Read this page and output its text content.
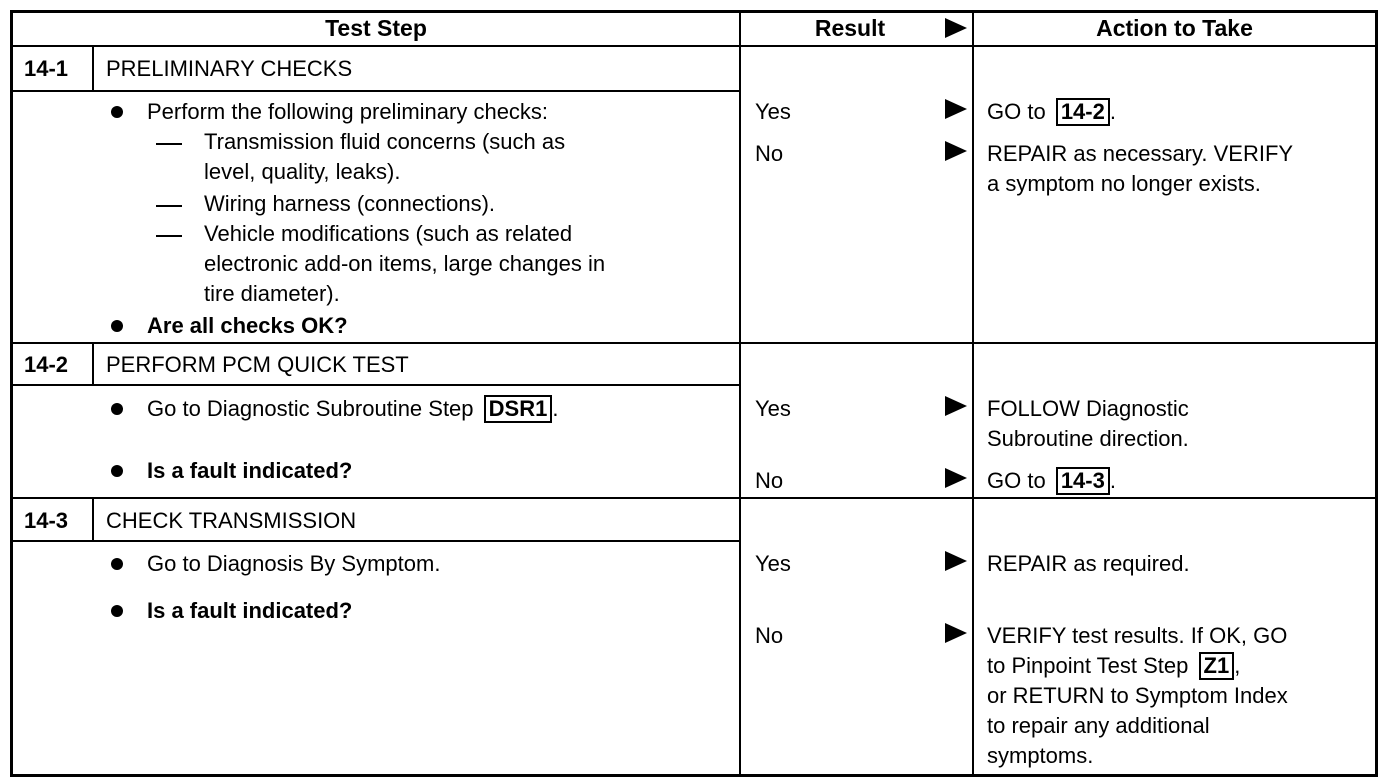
Test Step	Result	Action to Take
14-1 PRELIMINARY CHECKS
Perform the following preliminary checks:
Transmission fluid concerns (such as
level, quality, leaks).
Wiring harness (connections).
Vehicle modifications (such as related
electronic add-on items, large changes in
tire diameter).
Are all checks OK?
Yes	GO to 14-2 .
No	REPAIR as necessary. VERIFY
a symptom no longer exists.
14-2 PERFORM PCM QUICK TEST
Go to Diagnostic Subroutine Step DSR1 .
Is a fault indicated?
Yes	FOLLOW Diagnostic
Subroutine direction.
No	GO to 14-3 .
14-3 CHECK TRANSMISSION
Go to Diagnosis By Symptom.
Is a fault indicated?
Yes	REPAIR as required.
No	VERIFY test results. If OK, GO
to Pinpoint Test Step Z1 ,
or RETURN to Symptom Index
to repair any additional
symptoms.
